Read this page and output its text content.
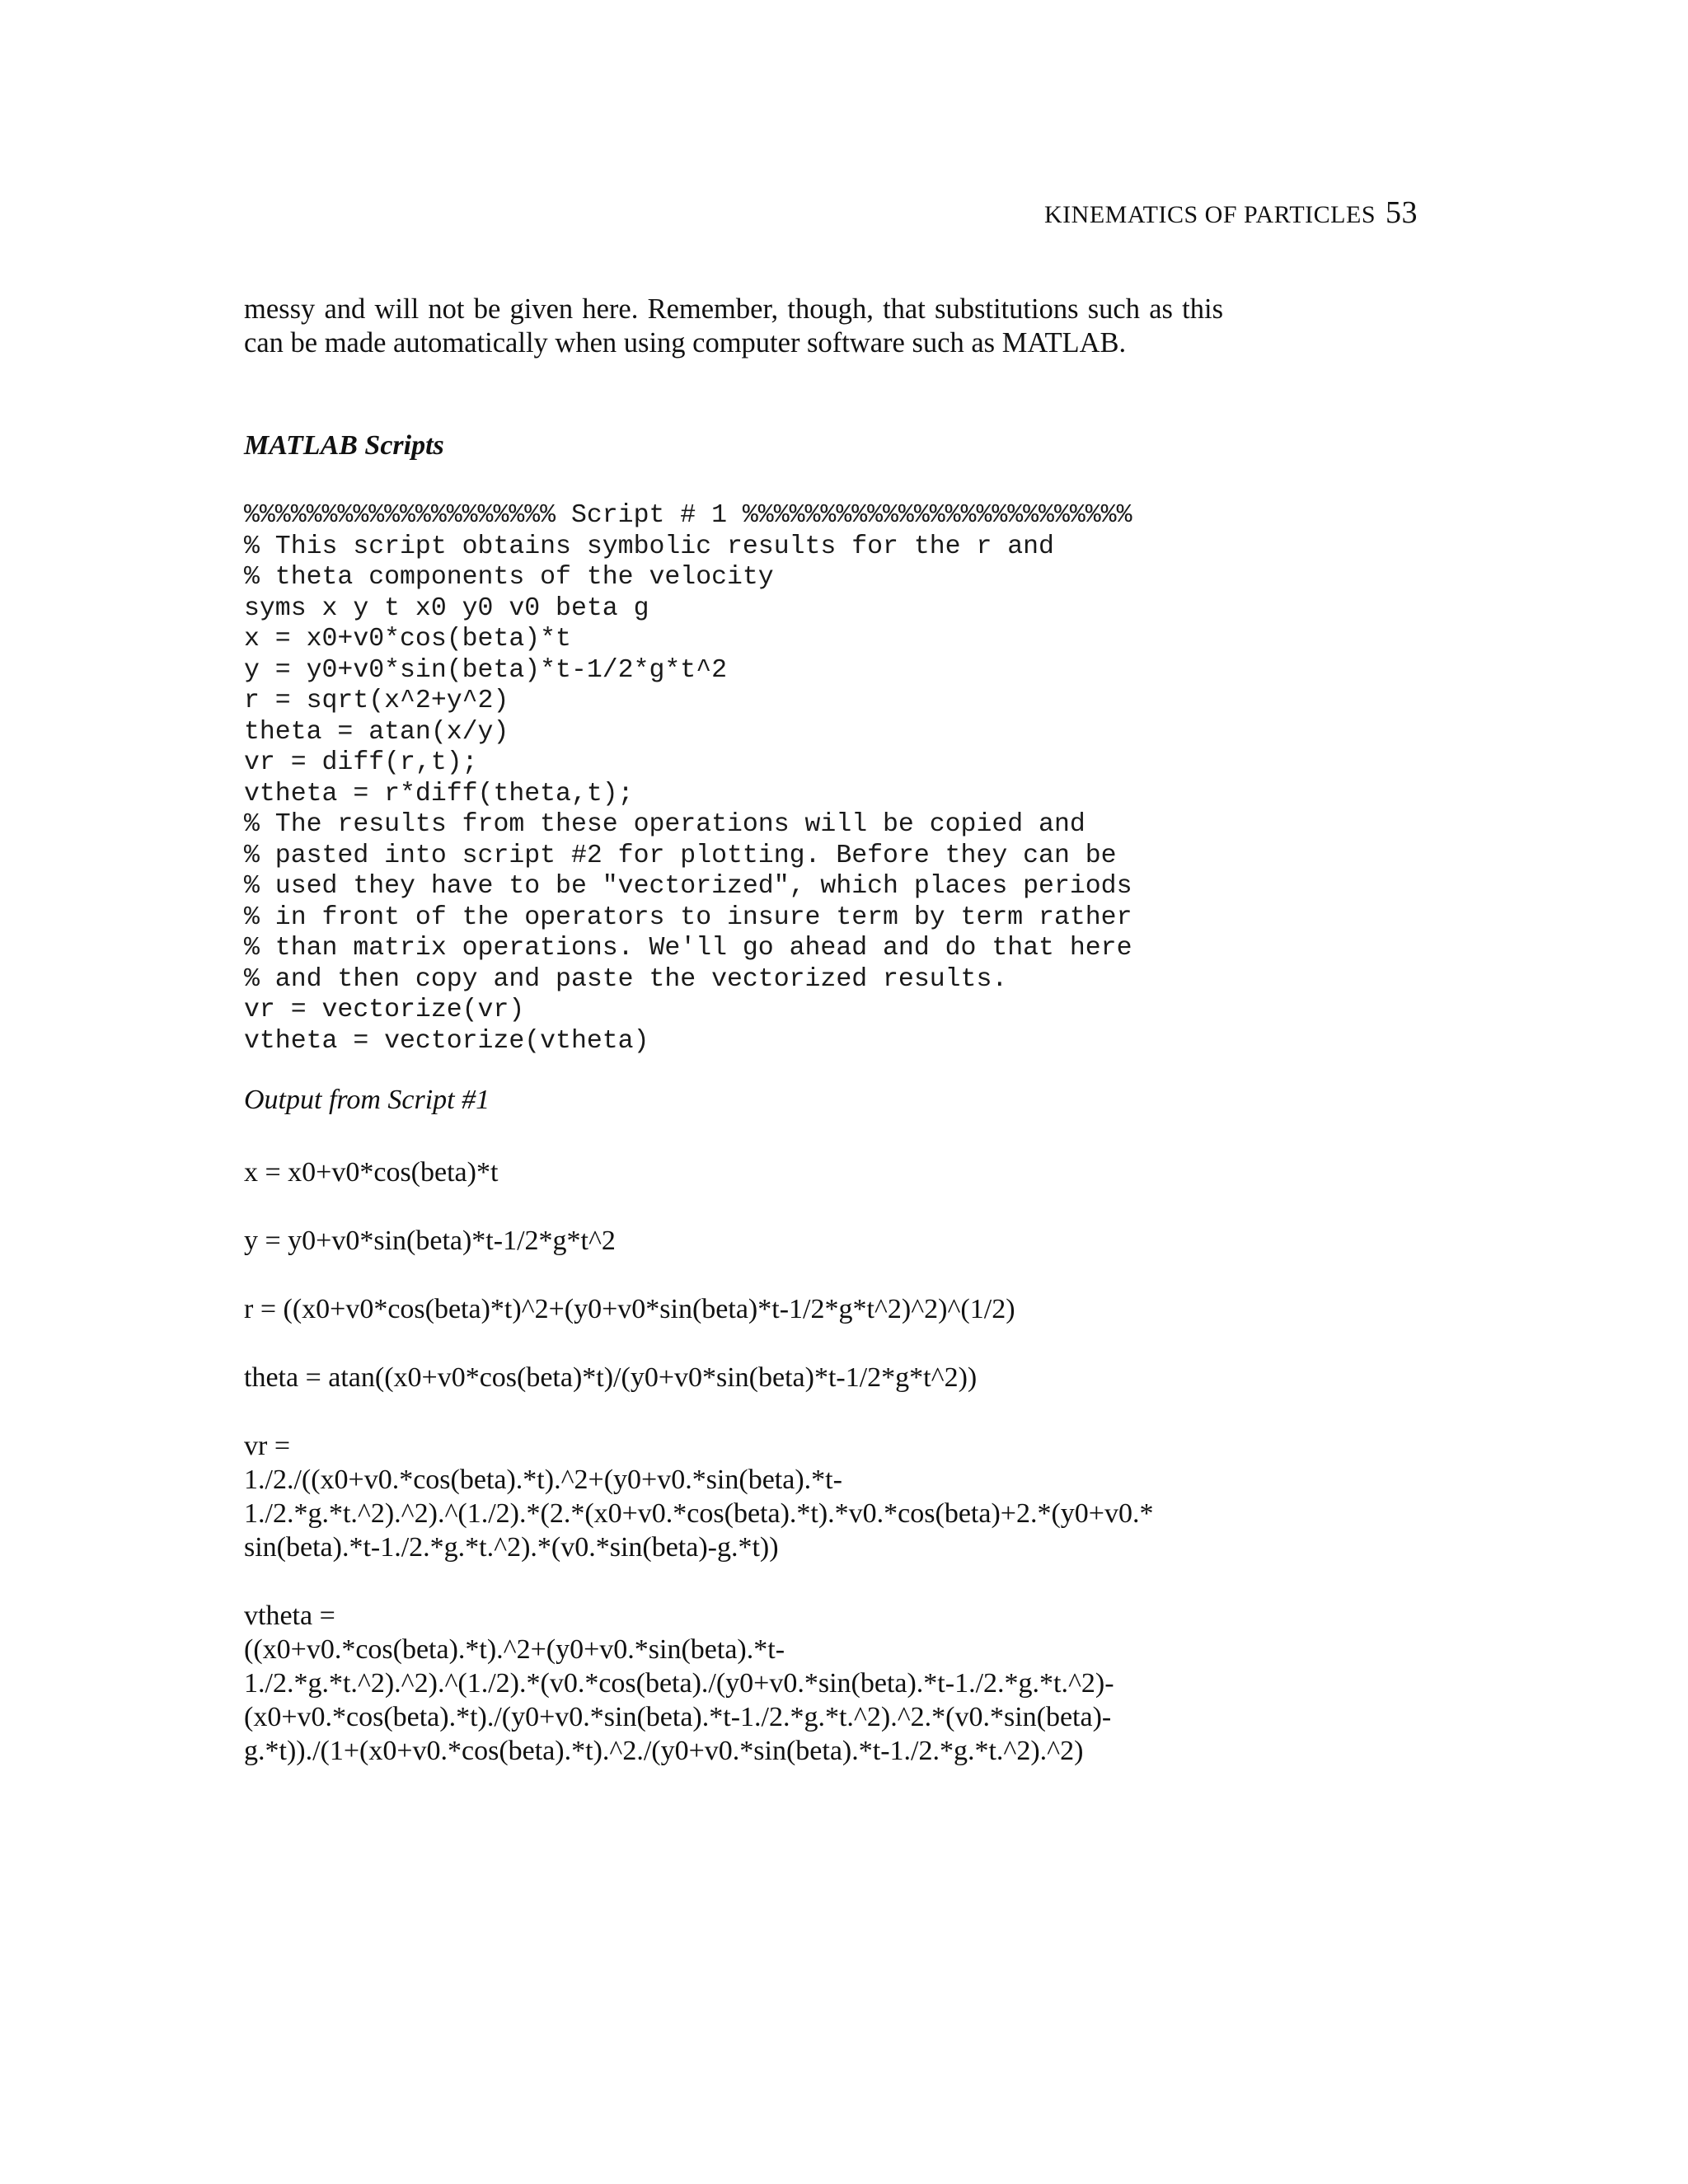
KINEMATICS OF PARTICLES 53

messy and will not be given here. Remember, though, that substitutions such as this can be made automatically when using computer software such as MATLAB.

MATLAB Scripts
%%%%%%%%%%%%%%%%%%%% Script # 1 %%%%%%%%%%%%%%%%%%%%%%%%%
% This script obtains symbolic results for the r and
% theta components of the velocity
syms x y t x0 y0 v0 beta g
x = x0+v0*cos(beta)*t
y = y0+v0*sin(beta)*t-1/2*g*t^2
r = sqrt(x^2+y^2)
theta = atan(x/y)
vr = diff(r,t);
vtheta = r*diff(theta,t);
% The results from these operations will be copied and
% pasted into script #2 for plotting. Before they can be
% used they have to be "vectorized", which places periods
% in front of the operators to insure term by term rather
% than matrix operations. We'll go ahead and do that here
% and then copy and paste the vectorized results.
vr = vectorize(vr)
vtheta = vectorize(vtheta)
Output from Script #1
x = x0+v0*cos(beta)*t
y = y0+v0*sin(beta)*t-1/2*g*t^2
r = ((x0+v0*cos(beta)*t)^2+(y0+v0*sin(beta)*t-1/2*g*t^2)^2)^(1/2)
theta = atan((x0+v0*cos(beta)*t)/(y0+v0*sin(beta)*t-1/2*g*t^2))
vr =
1./2./((x0+v0.*cos(beta).*t).^2+(y0+v0.*sin(beta).*t-
1./2.*g.*t.^2).^2).^(1./2).*(2.*(x0+v0.*cos(beta).*t).*v0.*cos(beta)+2.*(y0+v0.*
sin(beta).*t-1./2.*g.*t.^2).*(v0.*sin(beta)-g.*t))
vtheta =
((x0+v0.*cos(beta).*t).^2+(y0+v0.*sin(beta).*t-
1./2.*g.*t.^2).^2).^(1./2).*(v0.*cos(beta)./(y0+v0.*sin(beta).*t-1./2.*g.*t.^2)-
(x0+v0.*cos(beta).*t)./(y0+v0.*sin(beta).*t-1./2.*g.*t.^2).^2.*(v0.*sin(beta)-
g.*t))./(1+(x0+v0.*cos(beta).*t).^2./(y0+v0.*sin(beta).*t-1./2.*g.*t.^2).^2)
